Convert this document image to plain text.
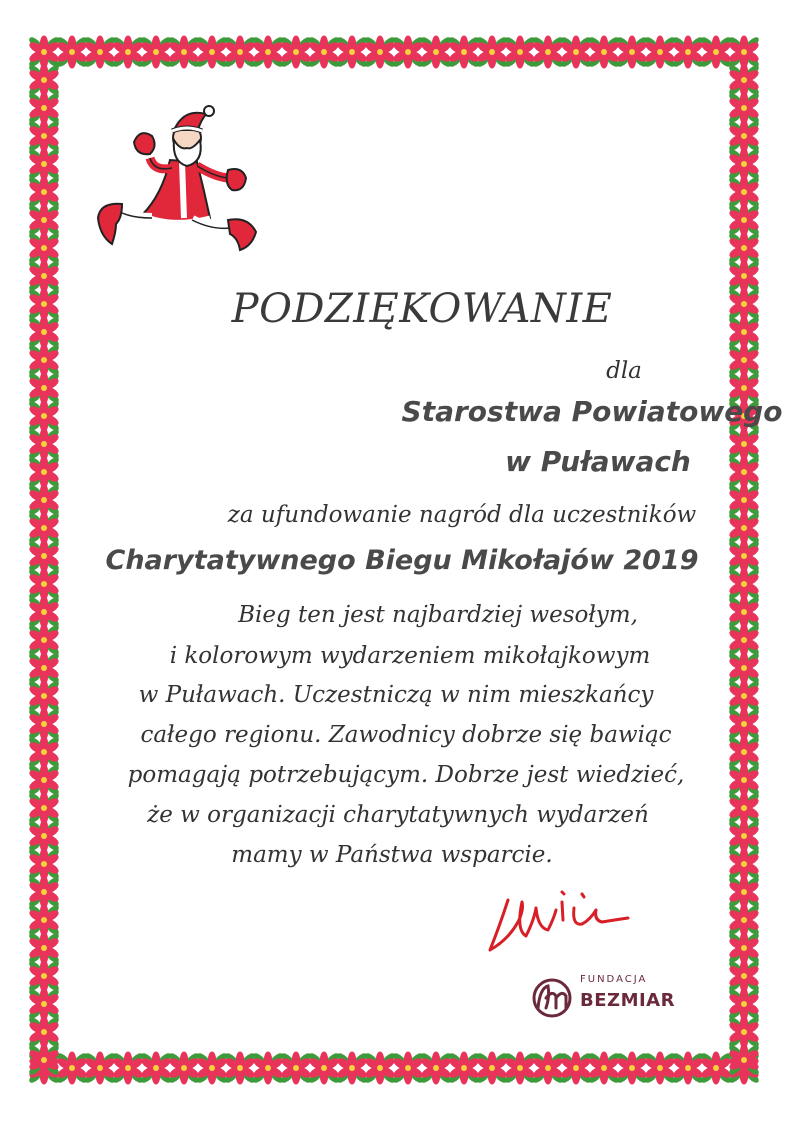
PODZIĘKOWANIE
dla
Starostwa Powiatowego
w Puławach
za ufundowanie nagród dla uczestników
Charytatywnego Biegu Mikołajów 2019
Bieg ten jest najbardziej wesołym,
i kolorowym wydarzeniem mikołajkowym
w Puławach. Uczestniczą w nim mieszkańcy
całego regionu. Zawodnicy dobrze się bawiąc
pomagają potrzebującym. Dobrze jest wiedzieć,
że w organizacji charytatywnych wydarzeń
mamy w Państwa wsparcie.
FUNDACJA
BEZMIAR
